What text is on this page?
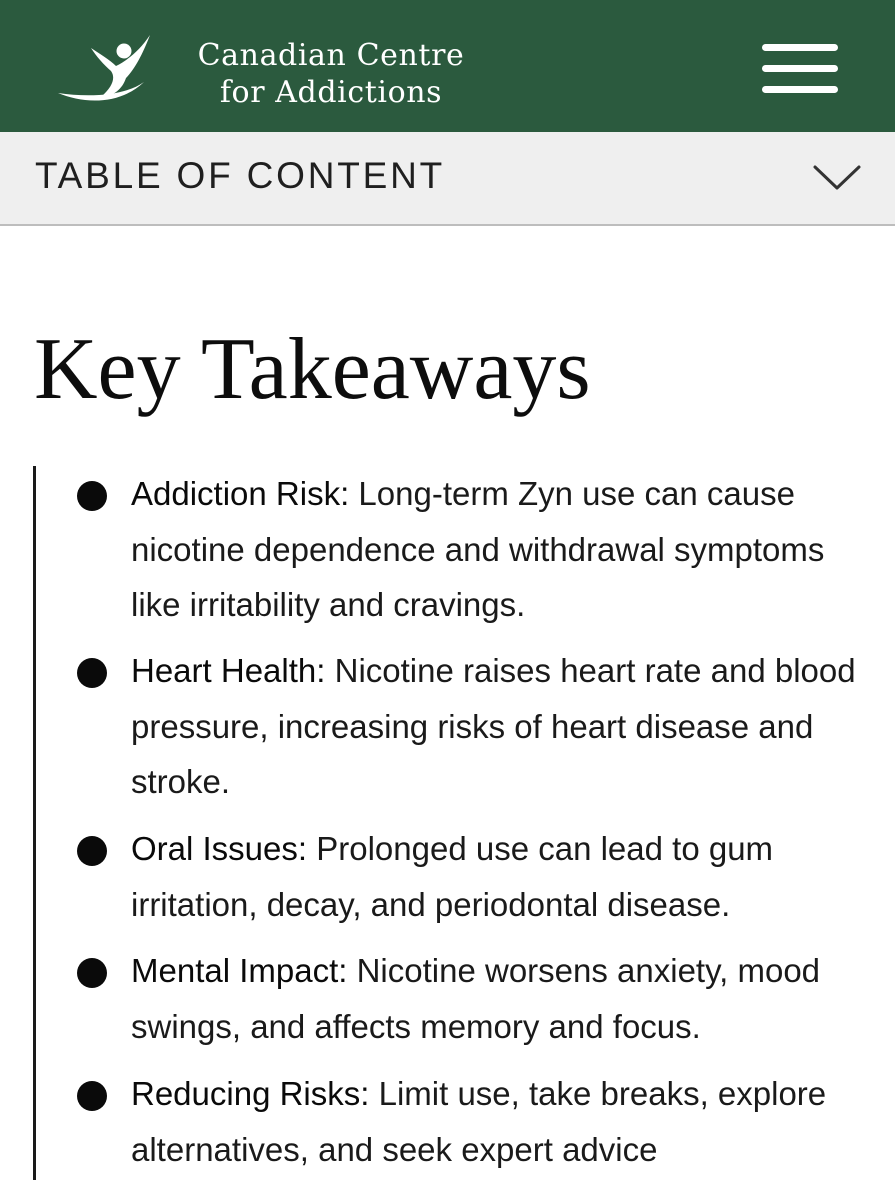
Canadian Centre
for Addictions
TABLE OF CONTENT
Key Takeaways
Addiction Risk: Long-term Zyn use can cause nicotine dependence and withdrawal symptoms like irritability and cravings.
Heart Health: Nicotine raises heart rate and blood pressure, increasing risks of heart disease and stroke.
Oral Issues: Prolonged use can lead to gum irritation, decay, and periodontal disease.
Mental Impact: Nicotine worsens anxiety, mood swings, and affects memory and focus.
Reducing Risks: Limit use, take breaks, explore alternatives, and seek expert advice
